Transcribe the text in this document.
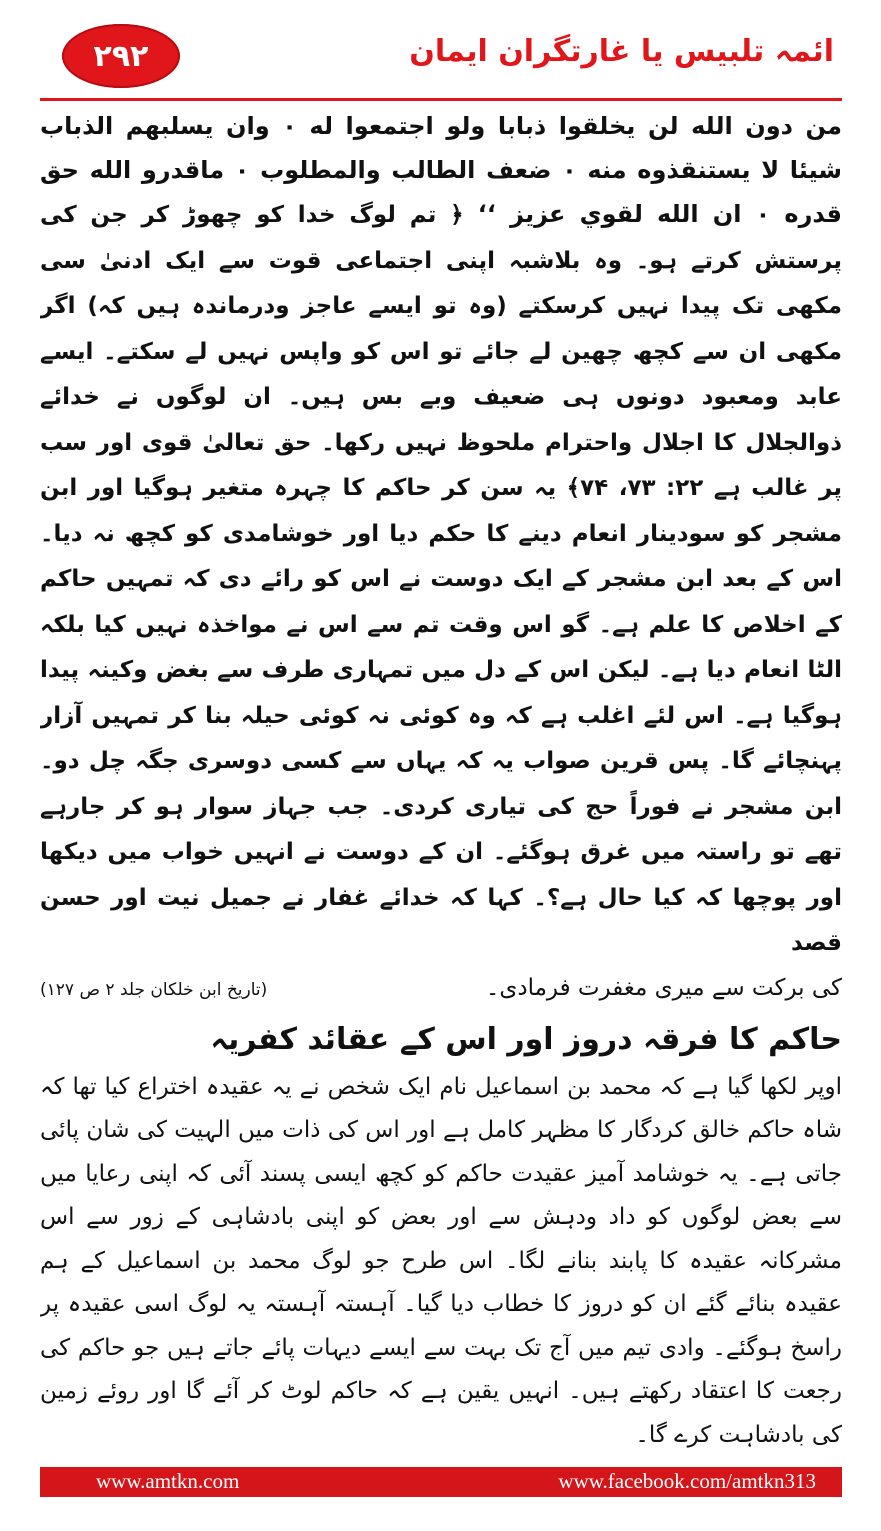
۲۹۲	ائمہ تلبیس یا غارتگران ایمان

من دون الله لن يخلقوا ذبابا ولو اجتمعوا له ۰ وان يسلبهم الذباب شيئا لا يستنقذوه منه ۰ ضعف الطالب والمطلوب ۰ ماقدرو الله حق قدره ۰ ان الله لقوي عزيز ‘‘ ﴿ تم لوگ خدا کو چھوڑ کر جن کی پرستش کرتے ہو۔ وہ بلاشبہ اپنی اجتماعی قوت سے ایک ادنیٰ سی مکھی تک پیدا نہیں کرسکتے (وہ تو ایسے عاجز ودرماندہ ہیں کہ) اگر مکھی ان سے کچھ چھین لے جائے تو اس کو واپس نہیں لے سکتے۔ ایسے عابد ومعبود دونوں ہی ضعیف وبے بس ہیں۔ ان لوگوں نے خدائے ذوالجلال کا اجلال واحترام ملحوظ نہیں رکھا۔ حق تعالیٰ قوی اور سب پر غالب ہے ۲۲: ۷۳، ۷۴﴾ یہ سن کر حاکم کا چہرہ متغیر ہوگیا اور ابن مشجر کو سودینار انعام دینے کا حکم دیا اور خوشامدی کو کچھ نہ دیا۔ اس کے بعد ابن مشجر کے ایک دوست نے اس کو رائے دی کہ تمہیں حاکم کے اخلاص کا علم ہے۔ گو اس وقت تم سے اس نے مواخذہ نہیں کیا بلکہ الٹا انعام دیا ہے۔ لیکن اس کے دل میں تمہاری طرف سے بغض وکینہ پیدا ہوگیا ہے۔ اس لئے اغلب ہے کہ وہ کوئی نہ کوئی حیلہ بنا کر تمہیں آزار پہنچائے گا۔ پس قرین صواب یہ کہ یہاں سے کسی دوسری جگہ چل دو۔ ابن مشجر نے فوراً حج کی تیاری کردی۔ جب جہاز سوار ہو کر جارہے تھے تو راستہ میں غرق ہوگئے۔ ان کے دوست نے انہیں خواب میں دیکھا اور پوچھا کہ کیا حال ہے؟۔ کہا کہ خدائے غفار نے جمیل نیت اور حسن قصد

کی برکت سے میری مغفرت فرمادی۔
(تاریخ ابن خلکان جلد ۲ ص ۱۲۷)
حاکم کا فرقہ دروز اور اس کے عقائد کفریہ

اوپر لکھا گیا ہے کہ محمد بن اسماعیل نام ایک شخص نے یہ عقیدہ اختراع کیا تھا کہ شاہ حاکم خالق کردگار کا مظہر کامل ہے اور اس کی ذات میں الہیت کی شان پائی جاتی ہے۔ یہ خوشامد آمیز عقیدت حاکم کو کچھ ایسی پسند آئی کہ اپنی رعایا میں سے بعض لوگوں کو داد ودہش سے اور بعض کو اپنی بادشاہی کے زور سے اس مشرکانہ عقیدہ کا پابند بنانے لگا۔ اس طرح جو لوگ محمد بن اسماعیل کے ہم عقیدہ بنائے گئے ان کو دروز کا خطاب دیا گیا۔ آہستہ آہستہ یہ لوگ اسی عقیدہ پر راسخ ہوگئے۔ وادی تیم میں آج تک بہت سے ایسے دیہات پائے جاتے ہیں جو حاکم کی رجعت کا اعتقاد رکھتے ہیں۔ انہیں یقین ہے کہ حاکم لوٹ کر آئے گا اور روئے زمین کی بادشاہت کرے گا۔

www.amtkn.com	www.facebook.com/amtkn313
